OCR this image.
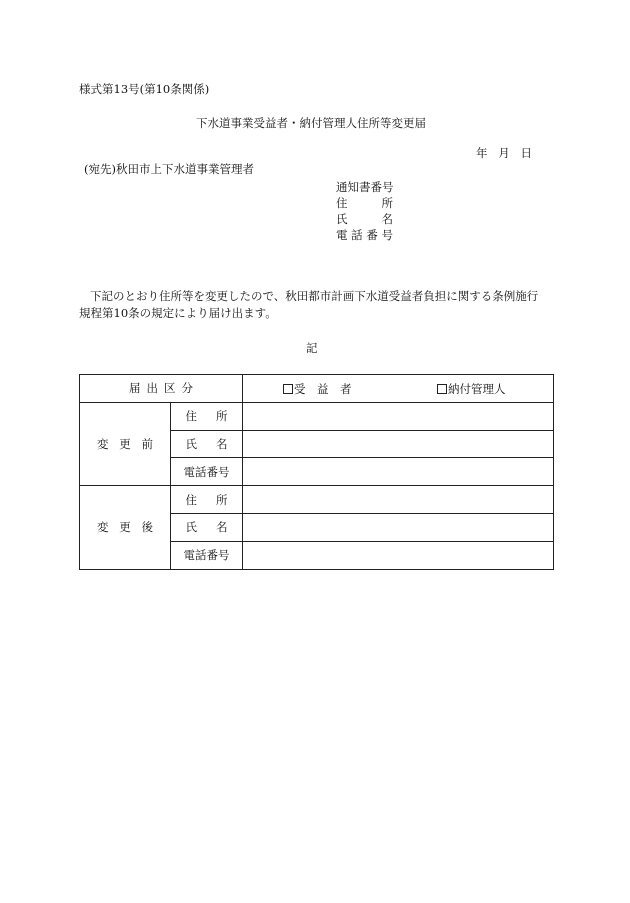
様式第13号(第10条関係)
下水道事業受益者・納付管理人住所等変更届
年 月 日
(宛先)秋田市上下水道事業管理者
通知書番号
住	所
氏	名
電 話 番 号
下記のとおり住所等を変更したので、秋田都市計画下水道受益者負担に関する条例施行
規程第10条の規定により届け出ます。
記
届 出 区 分		受　益　者 納付管理人

変 更 前	住 所	

	氏 名	

	電話番号	

変 更 後	住 所	

	氏 名	

	電話番号	
